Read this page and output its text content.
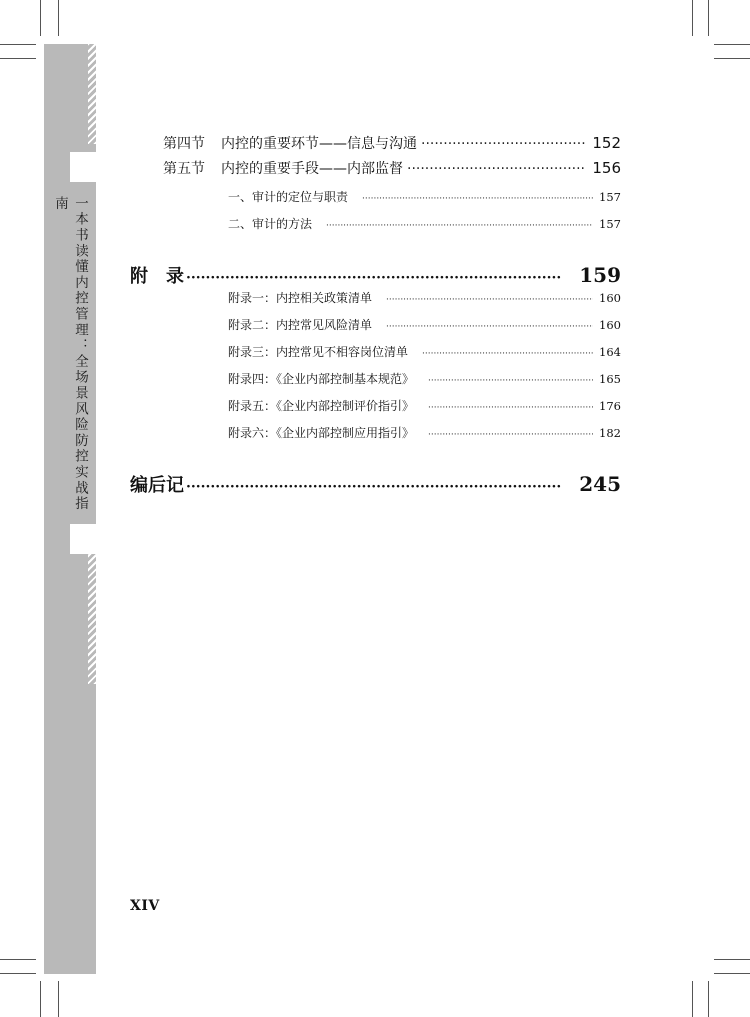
一本书读懂内控管理：全场景风险防控实战指南
第四节	内控的重要环节——信息与沟通 ·····	152
第五节	内控的重要手段——内部监督 ·····	156
一、审计的定位与职责 ·····	157
二、审计的方法 ·····	157
附　录 ·····	159
附录一：内控相关政策清单 ·····	160
附录二：内控常见风险清单 ·····	160
附录三：内控常见不相容岗位清单 ·····	164
附录四：《企业内部控制基本规范》 ·····	165
附录五：《企业内部控制评价指引》 ·····	176
附录六：《企业内部控制应用指引》 ·····	182
编后记 ·····	245
XIV
